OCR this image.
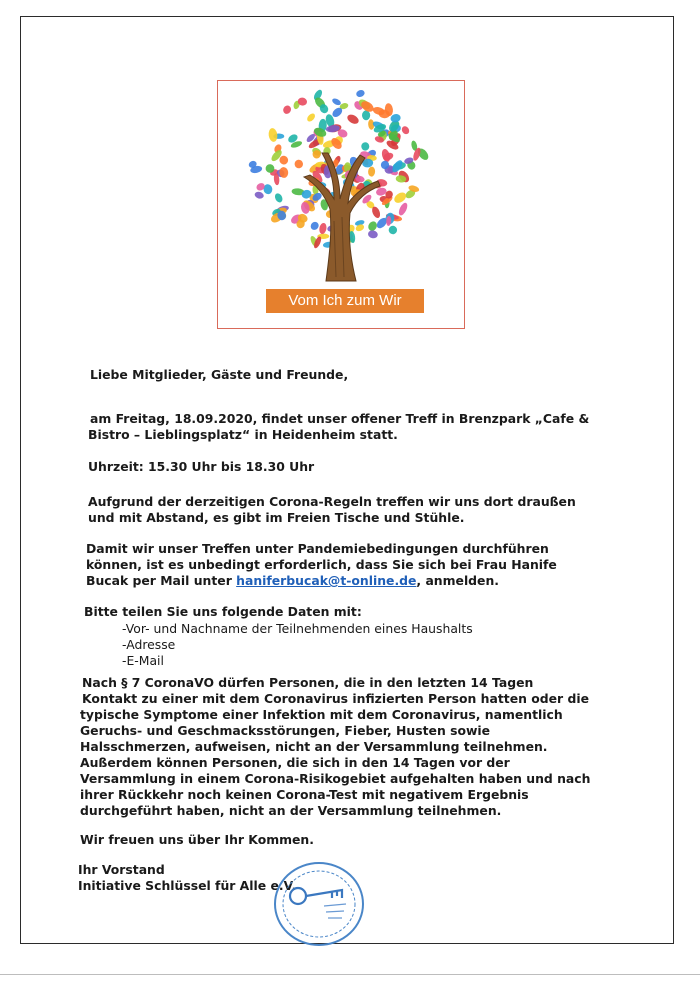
Vom Ich zum Wir

Liebe Mitglieder, Gäste und Freunde,

am Freitag, 18.09.2020, findet unser offener Treff in Brenzpark „Cafe &

Bistro – Lieblingsplatz“ in Heidenheim statt.

Uhrzeit: 15.30 Uhr bis 18.30 Uhr

Aufgrund der derzeitigen Corona-Regeln treffen wir uns dort draußen

und mit Abstand, es gibt im Freien Tische und Stühle.

Damit wir unser Treffen unter Pandemiebedingungen durchführen

können, ist es unbedingt erforderlich, dass Sie sich bei Frau Hanife

Bucak per Mail unter haniferbucak@t-online.de, anmelden.

Bitte teilen Sie uns folgende Daten mit:

-Vor- und Nachname der Teilnehmenden eines Haushalts

-Adresse

-E-Mail

Nach § 7 CoronaVO dürfen Personen, die in den letzten 14 Tagen

Kontakt zu einer mit dem Coronavirus infizierten Person hatten oder die

typische Symptome einer Infektion mit dem Coronavirus, namentlich

Geruchs- und Geschmacksstörungen, Fieber, Husten sowie

Halsschmerzen, aufweisen, nicht an der Versammlung teilnehmen.

Außerdem können Personen, die sich in den 14 Tagen vor der

Versammlung in einem Corona-Risikogebiet aufgehalten haben und nach

ihrer Rückkehr noch keinen Corona-Test mit negativem Ergebnis

durchgeführt haben, nicht an der Versammlung teilnehmen.

Wir freuen uns über Ihr Kommen.

Ihr Vorstand

Initiative Schlüssel für Alle e.V.
